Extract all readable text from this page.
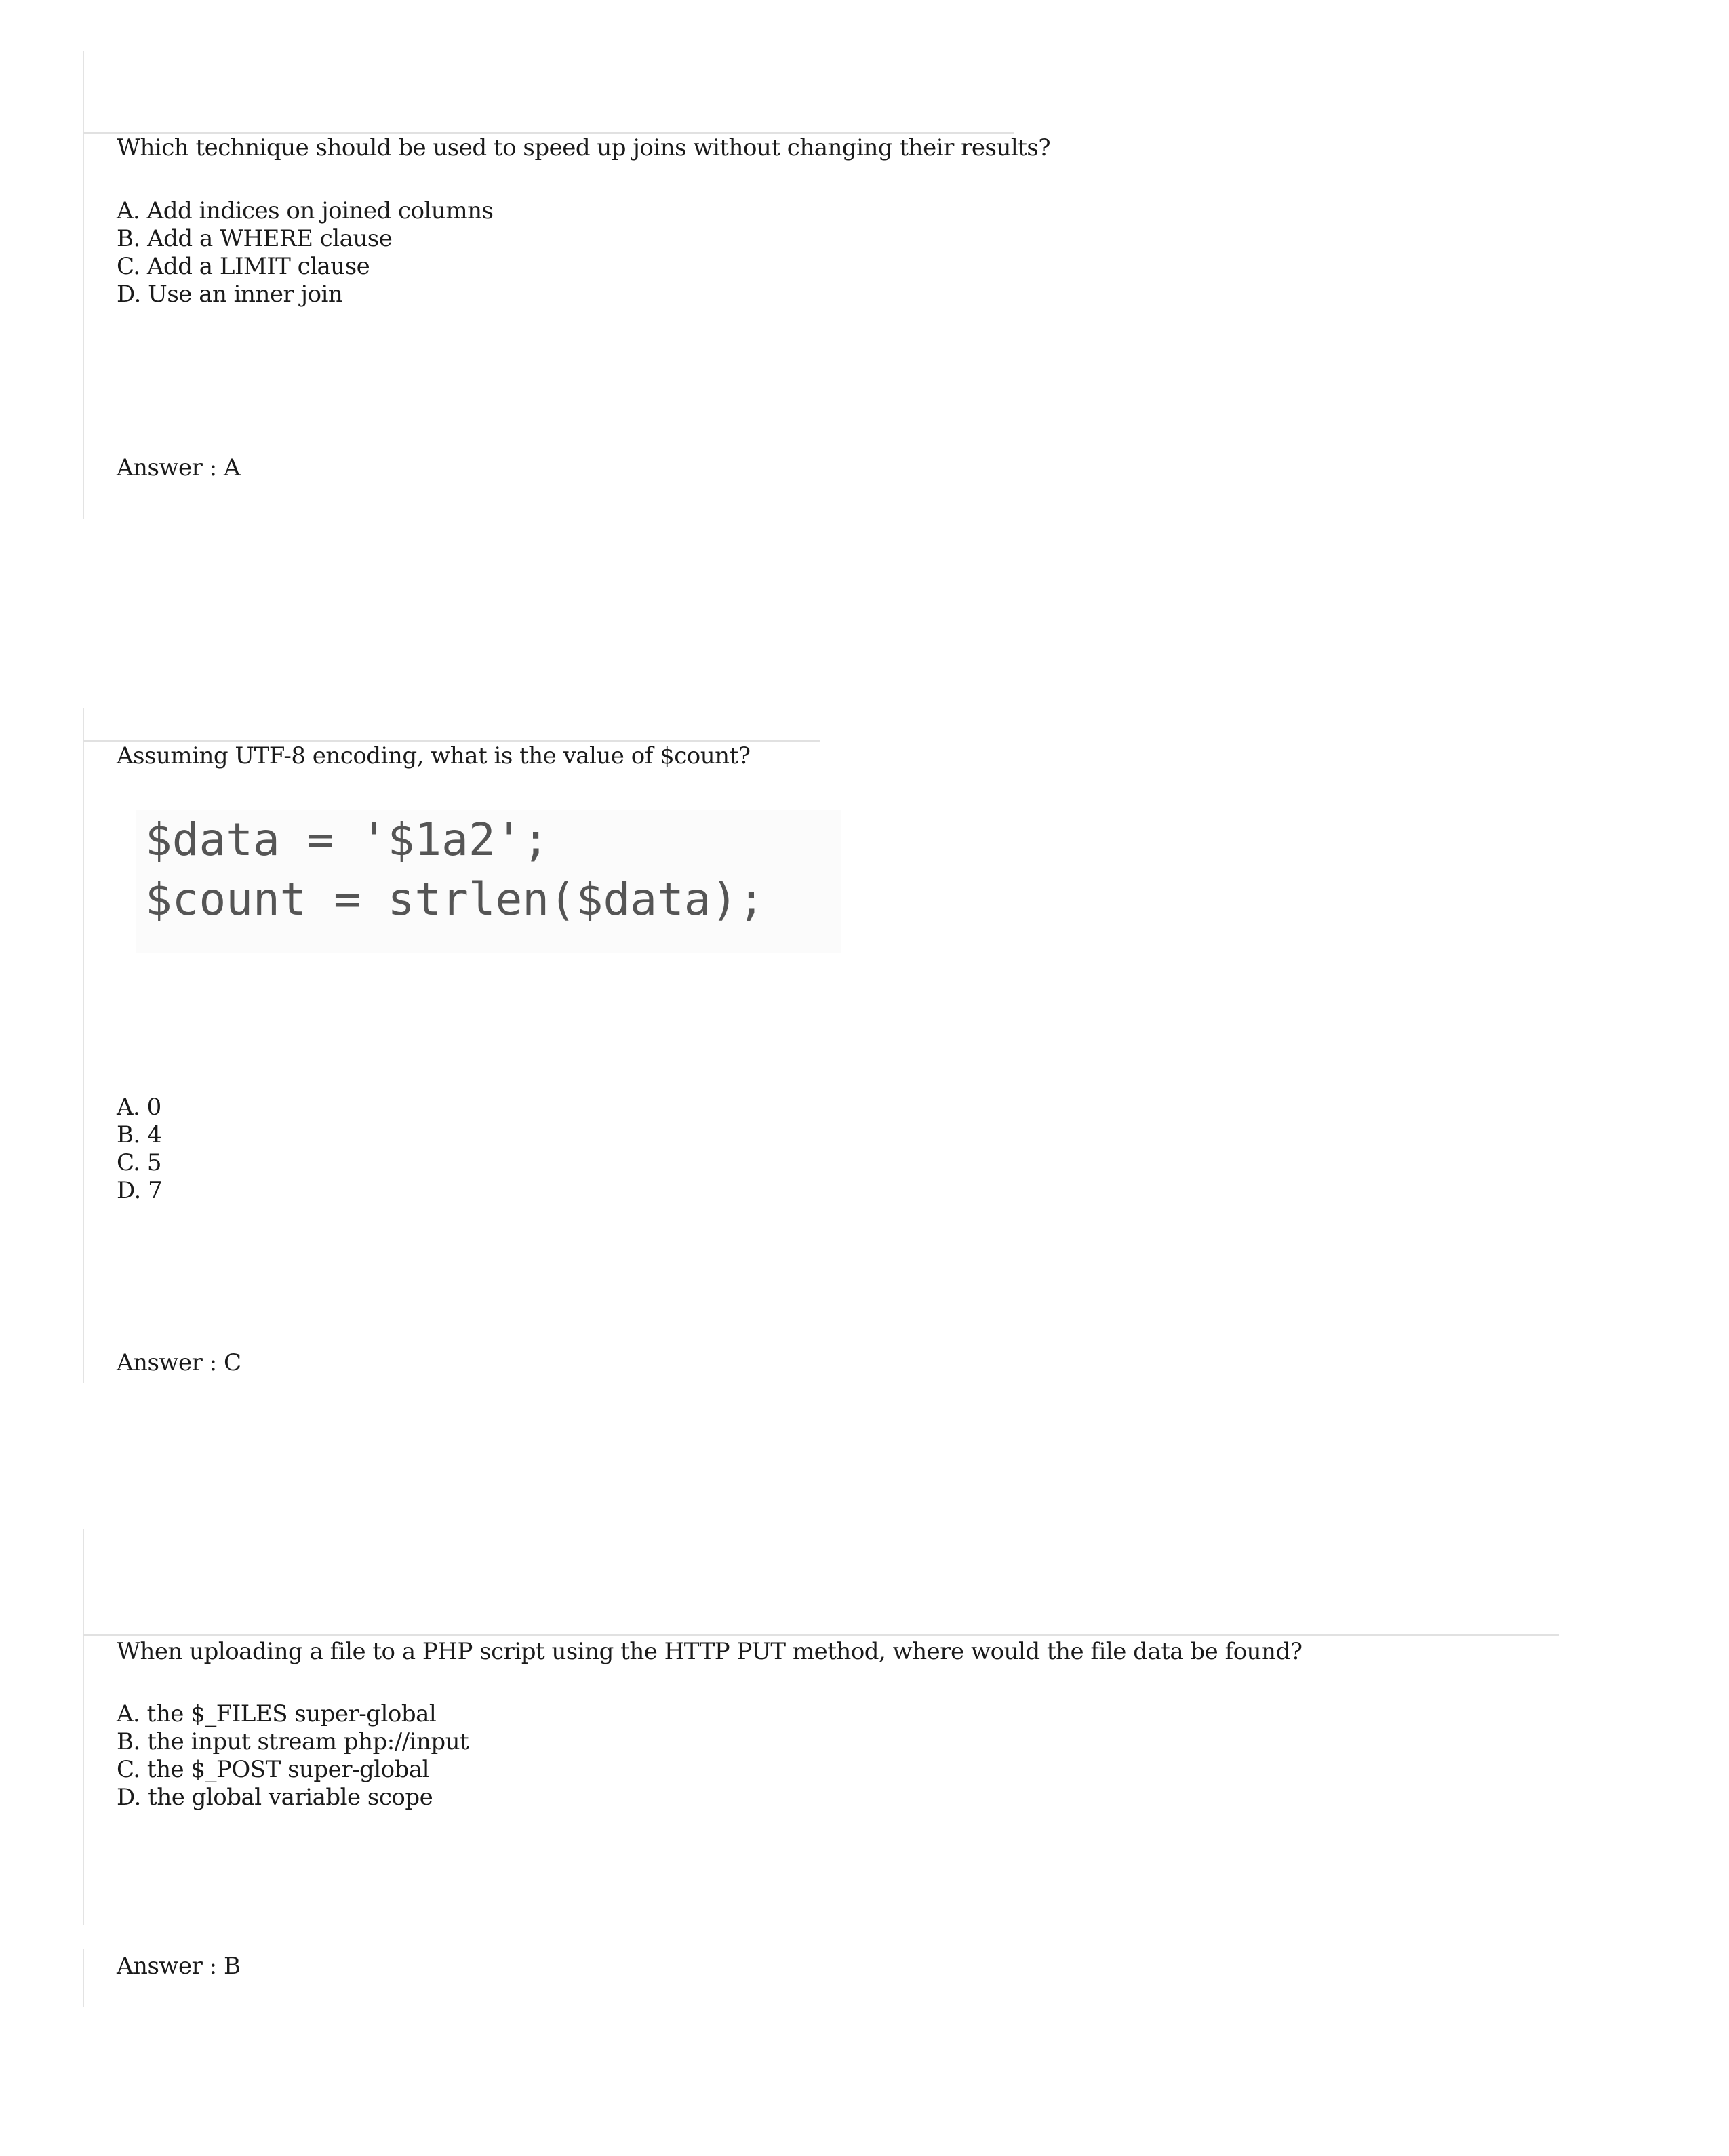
Which technique should be used to speed up joins without changing their results?
A. Add indices on joined columns
B. Add a WHERE clause
C. Add a LIMIT clause
D. Use an inner join
Answer : A
Assuming UTF-8 encoding, what is the value of $count?
$data = '$1a2';
$count = strlen($data);
A. 0
B. 4
C. 5
D. 7
Answer : C
When uploading a file to a PHP script using the HTTP PUT method, where would the file data be found?
A. the $_FILES super-global
B. the input stream php://input
C. the $_POST super-global
D. the global variable scope
Answer : B
